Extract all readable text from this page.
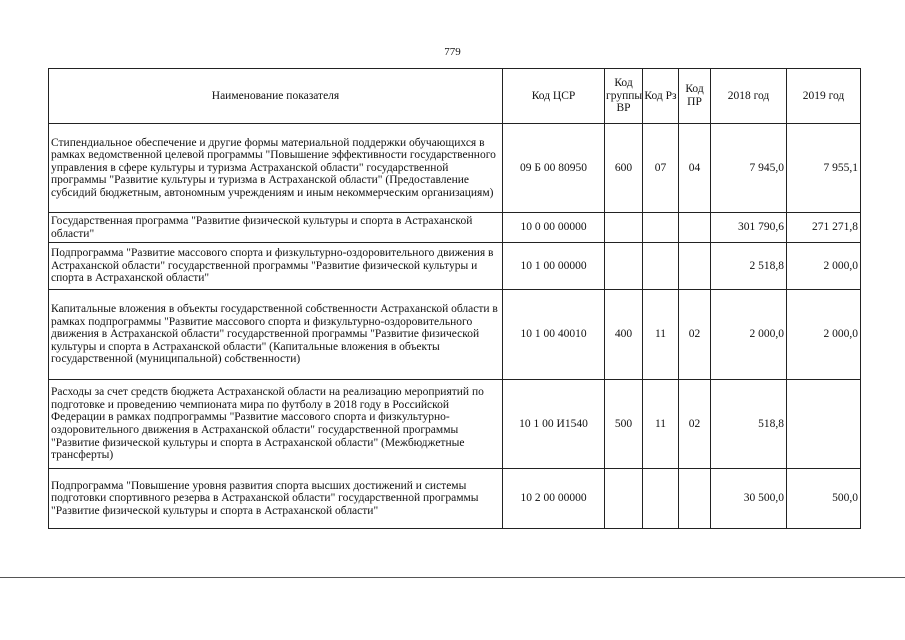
779
Наименование показателя	Код ЦСР	Код группы ВР	Код Рз	Код ПР	2018 год	2019 год
Стипендиальное обеспечение и другие формы материальной поддержки обучающихся в рамках ведомственной целевой программы "Повышение эффективности государственного управления в сфере культуры и туризма Астраханской области" государственной программы "Развитие культуры и туризма в Астраханской области" (Предоставление субсидий бюджетным, автономным учреждениям и иным некоммерческим организациям)	09 Б 00 80950	600	07	04	7 945,0	7 955,1
Государственная программа "Развитие физической культуры и спорта в Астраханской области"	10 0 00 00000				301 790,6	271 271,8
Подпрограмма "Развитие массового спорта и физкультурно-оздоровительного движения в Астраханской области" государственной программы "Развитие физической культуры и спорта в Астраханской области"	10 1 00 00000				2 518,8	2 000,0
Капитальные вложения в объекты государственной собственности Астраханской области в рамках подпрограммы "Развитие массового спорта и физкультурно-оздоровительного движения в Астраханской области" государственной программы "Развитие физической культуры и спорта в Астраханской области" (Капитальные вложения в объекты государственной (муниципальной) собственности)	10 1 00 40010	400	11	02	2 000,0	2 000,0
Расходы за счет средств бюджета Астраханской области на реализацию мероприятий по подготовке и проведению чемпионата мира по футболу в 2018 году в Российской Федерации в рамках подпрограммы "Развитие массового спорта и физкультурно-оздоровительного движения в Астраханской области" государственной программы "Развитие физической культуры и спорта в Астраханской области" (Межбюджетные трансферты)	10 1 00 И1540	500	11	02	518,8	
Подпрограмма "Повышение уровня развития спорта высших достижений и системы подготовки спортивного резерва в Астраханской области" государственной программы "Развитие физической культуры и спорта в Астраханской области"	10 2 00 00000				30 500,0	500,0
